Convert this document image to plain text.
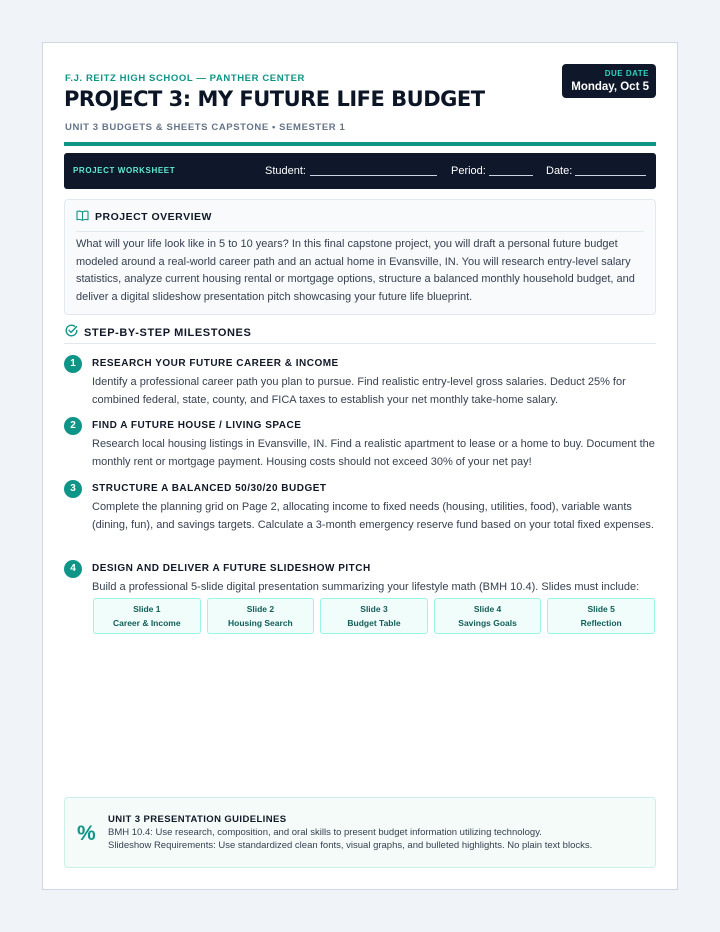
F.J. REITZ HIGH SCHOOL — PANTHER CENTER
PROJECT 3: MY FUTURE LIFE BUDGET
UNIT 3 BUDGETS & SHEETS CAPSTONE • SEMESTER 1
DUE DATE
Monday, Oct 5
PROJECT WORKSHEET	Student:	Period:	Date:
PROJECT OVERVIEW
What will your life look like in 5 to 10 years? In this final capstone project, you will draft a personal future budget modeled around a real-world career path and an actual home in Evansville, IN. You will research entry-level salary statistics, analyze current housing rental or mortgage options, structure a balanced monthly household budget, and deliver a digital slideshow presentation pitch showcasing your future life blueprint.
STEP-BY-STEP MILESTONES
1	RESEARCH YOUR FUTURE CAREER & INCOME
Identify a professional career path you plan to pursue. Find realistic entry-level gross salaries. Deduct 25% for combined federal, state, county, and FICA taxes to establish your net monthly take-home salary.
2	FIND A FUTURE HOUSE / LIVING SPACE
Research local housing listings in Evansville, IN. Find a realistic apartment to lease or a home to buy. Document the monthly rent or mortgage payment. Housing costs should not exceed 30% of your net pay!
3	STRUCTURE A BALANCED 50/30/20 BUDGET
Complete the planning grid on Page 2, allocating income to fixed needs (housing, utilities, food), variable wants (dining, fun), and savings targets. Calculate a 3-month emergency reserve fund based on your total fixed expenses.
4	DESIGN AND DELIVER A FUTURE SLIDESHOW PITCH
Build a professional 5-slide digital presentation summarizing your lifestyle math (BMH 10.4). Slides must include:
Slide 1
Career & Income
Slide 2
Housing Search
Slide 3
Budget Table
Slide 4
Savings Goals
Slide 5
Reflection
%
UNIT 3 PRESENTATION GUIDELINES
BMH 10.4: Use research, composition, and oral skills to present budget information utilizing technology.
Slideshow Requirements: Use standardized clean fonts, visual graphs, and bulleted highlights. No plain text blocks.
